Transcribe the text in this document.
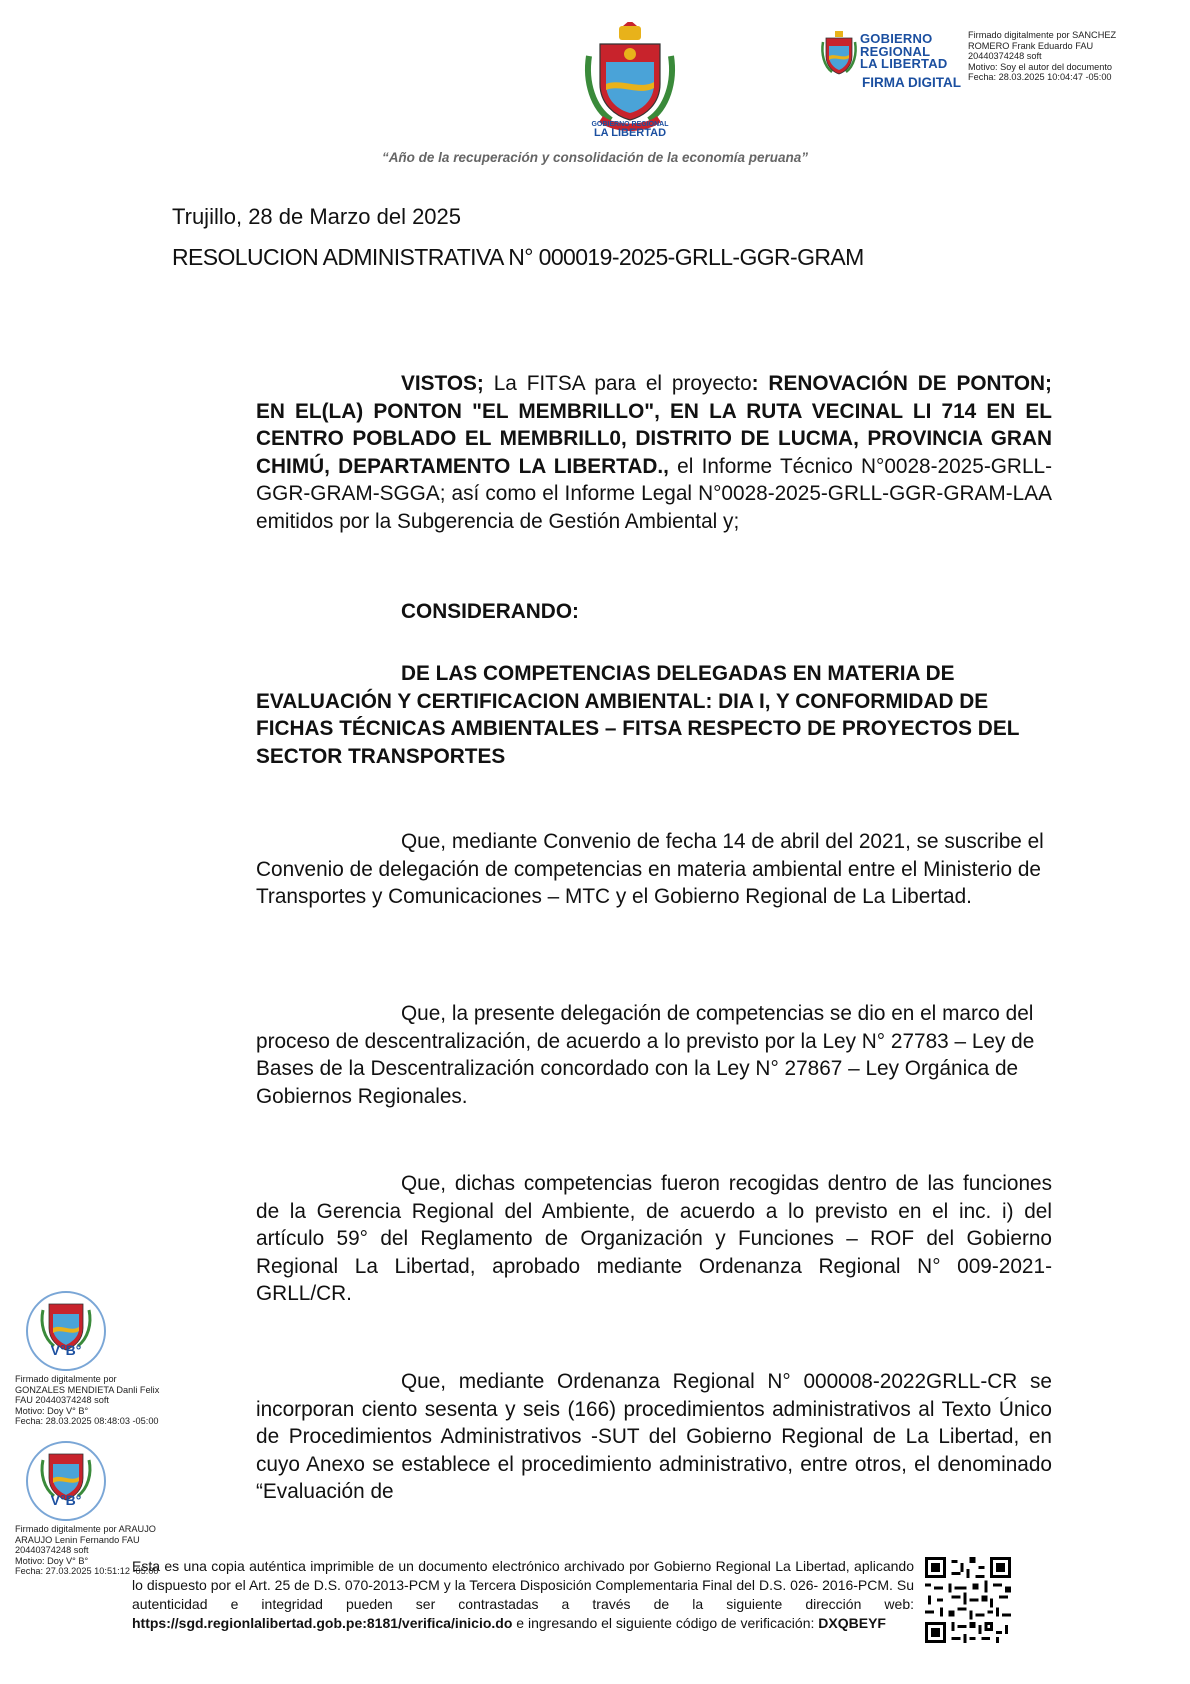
GOBIERNO REGIONAL
LA LIBERTAD
“Año de la recuperación y consolidación de la economía peruana”
GOBIERNO
REGIONAL
LA LIBERTAD
FIRMA DIGITAL
Firmado digitalmente por SANCHEZ
ROMERO Frank Eduardo FAU
20440374248 soft
Motivo: Soy el autor del documento
Fecha: 28.03.2025 10:04:47 -05:00
Trujillo, 28 de Marzo del 2025
RESOLUCION ADMINISTRATIVA N° 000019-2025-GRLL-GGR-GRAM
VISTOS; La FITSA para el proyecto: RENOVACIÓN DE PONTON; EN EL(LA) PONTON "EL MEMBRILLO", EN LA RUTA VECINAL LI 714 EN EL CENTRO POBLADO EL MEMBRILL0, DISTRITO DE LUCMA, PROVINCIA GRAN CHIMÚ, DEPARTAMENTO LA LIBERTAD., el Informe Técnico N°0028-2025-GRLL-GGR-GRAM-SGGA; así como el Informe Legal N°0028-2025-GRLL-GGR-GRAM-LAA emitidos por la Subgerencia de Gestión Ambiental y;
CONSIDERANDO:
DE LAS COMPETENCIAS DELEGADAS EN MATERIA DE EVALUACIÓN Y CERTIFICACION AMBIENTAL: DIA I, Y CONFORMIDAD DE FICHAS TÉCNICAS AMBIENTALES – FITSA RESPECTO DE PROYECTOS DEL SECTOR TRANSPORTES
Que, mediante Convenio de fecha 14 de abril del 2021, se suscribe el Convenio de delegación de competencias en materia ambiental entre el Ministerio de Transportes y Comunicaciones – MTC y el Gobierno Regional de La Libertad.
Que, la presente delegación de competencias se dio en el marco del proceso de descentralización, de acuerdo a lo previsto por la Ley N° 27783 – Ley de Bases de la Descentralización concordado con la Ley N° 27867 – Ley Orgánica de Gobiernos Regionales.
Que, dichas competencias fueron recogidas dentro de las funciones de la Gerencia Regional del Ambiente, de acuerdo a lo previsto en el inc. i) del artículo 59° del Reglamento de Organización y Funciones – ROF del Gobierno Regional La Libertad, aprobado mediante Ordenanza Regional N° 009-2021-GRLL/CR.
Que, mediante Ordenanza Regional N° 000008-2022GRLL-CR se incorporan ciento sesenta y seis (166) procedimientos administrativos al Texto Único de Procedimientos Administrativos -SUT del Gobierno Regional de La Libertad, en cuyo Anexo se establece el procedimiento administrativo, entre otros, el denominado “Evaluación de
V°B°
Firmado digitalmente por
GONZALES MENDIETA Danli Felix
FAU 20440374248 soft
Motivo: Doy V° B°
Fecha: 28.03.2025 08:48:03 -05:00
V°B°
Firmado digitalmente por ARAUJO
ARAUJO Lenin Fernando FAU
20440374248 soft
Motivo: Doy V° B°
Fecha: 27.03.2025 10:51:12 -05:00
Esta es una copia auténtica imprimible de un documento electrónico archivado por Gobierno Regional La Libertad, aplicando lo dispuesto por el Art. 25 de D.S. 070-2013-PCM y la Tercera Disposición Complementaria Final del D.S. 026- 2016-PCM. Su autenticidad e integridad pueden ser contrastadas a través de la siguiente dirección web: https://sgd.regionlalibertad.gob.pe:8181/verifica/inicio.do e ingresando el siguiente código de verificación: DXQBEYF
